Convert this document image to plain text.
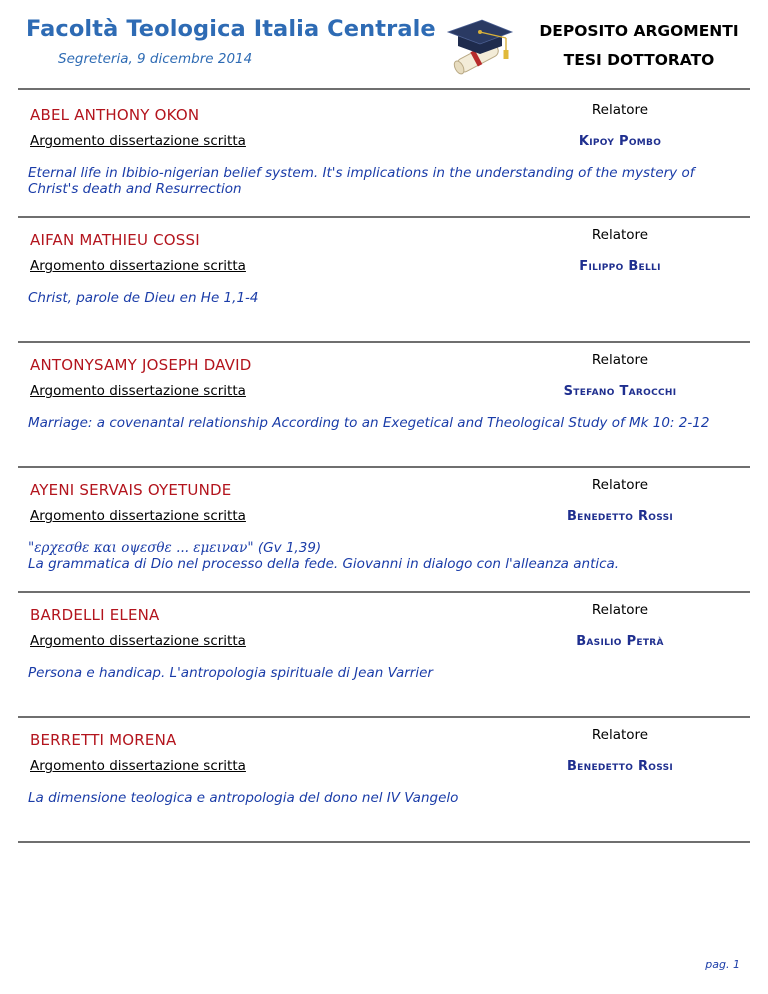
Facoltà Teologica Italia Centrale
Segreteria, 9 dicembre 2014
DEPOSITO ARGOMENTI
TESI DOTTORATO
ABEL ANTHONY OKON
Argomento dissertazione scritta
Relatore
Kipoy Pombo
Eternal life in Ibibio-nigerian belief system. It's implications in the understanding of the mystery of Christ's death and Resurrection
AIFAN MATHIEU COSSI
Argomento dissertazione scritta
Relatore
Filippo Belli
Christ, parole de Dieu en He 1,1-4
ANTONYSAMY JOSEPH DAVID
Argomento dissertazione scritta
Relatore
Stefano Tarocchi
Marriage: a covenantal relationship According to an Exegetical and Theological Study of Mk 10: 2-12
AYENI SERVAIS OYETUNDE
Argomento dissertazione scritta
Relatore
Benedetto Rossi
"ερχεσθε και οψεσθε ... εμειναν" (Gv 1,39)
La grammatica di Dio nel processo della fede. Giovanni in dialogo con l'alleanza antica.
BARDELLI ELENA
Argomento dissertazione scritta
Relatore
Basilio Petrà
Persona e handicap. L'antropologia spirituale di Jean Varrier
BERRETTI MORENA
Argomento dissertazione scritta
Relatore
Benedetto Rossi
La dimensione teologica e antropologia del dono nel IV Vangelo
pag. 1
